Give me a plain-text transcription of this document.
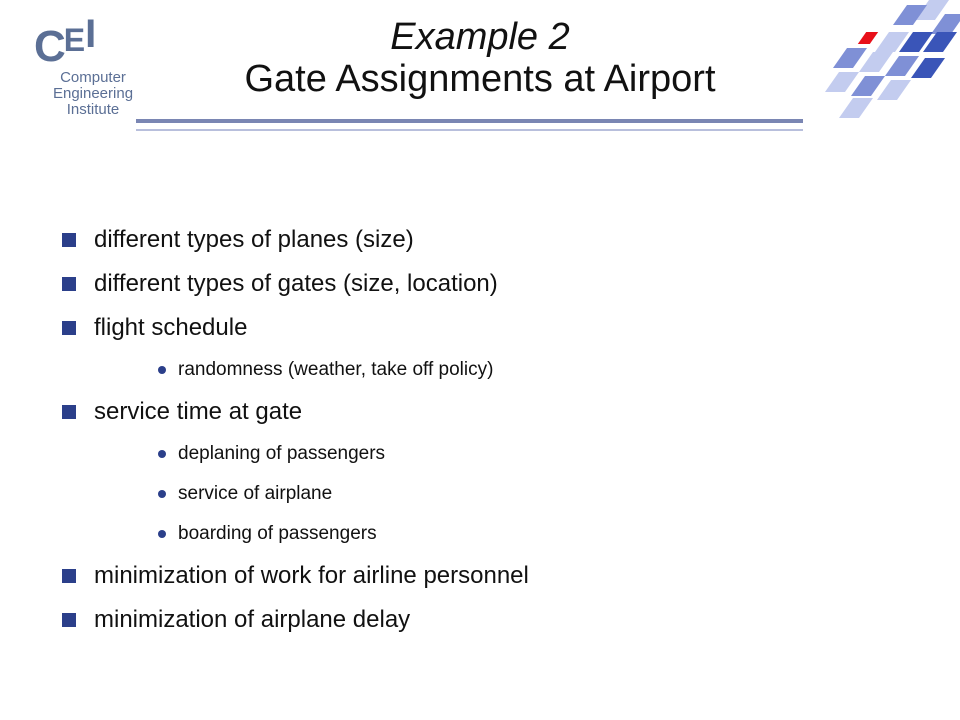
CEI
Computer
Engineering
Institute
Example 2
Gate Assignments at Airport
different types of planes (size)
different types of gates (size, location)
flight schedule
randomness (weather, take off policy)
service time at gate
deplaning of passengers
service of airplane
boarding of passengers
minimization of work for airline personnel
minimization of airplane delay
